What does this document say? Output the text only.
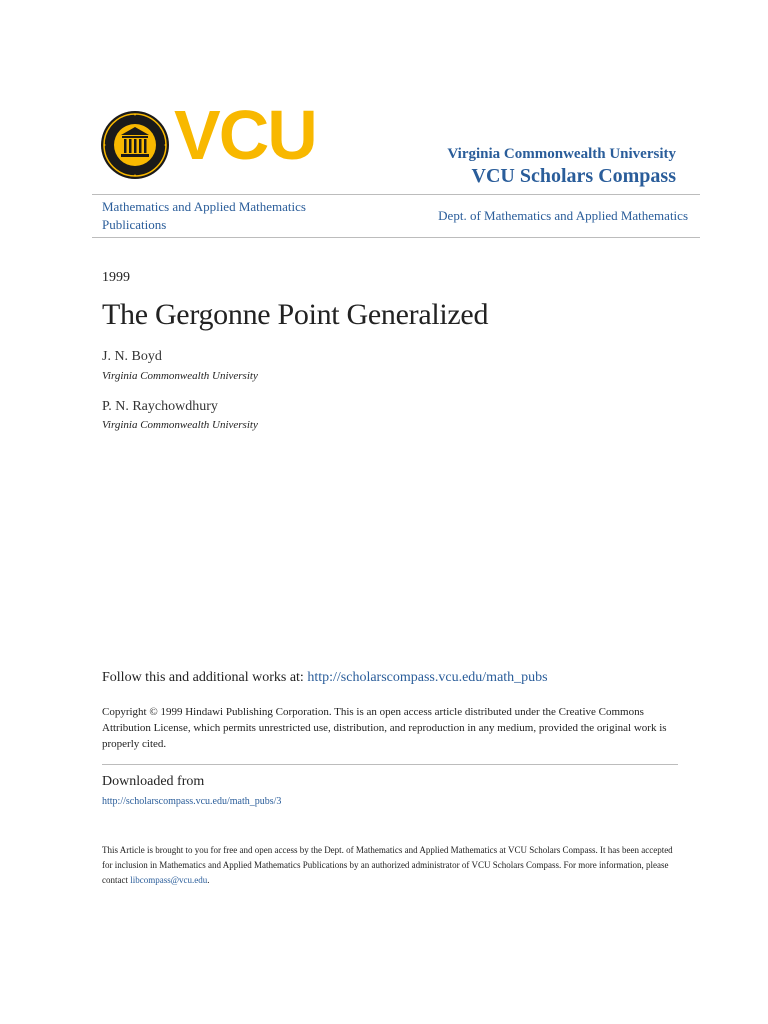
VCU	Virginia Commonwealth University
VCU Scholars Compass
Mathematics and Applied Mathematics Publications
Dept. of Mathematics and Applied Mathematics
1999
The Gergonne Point Generalized
J. N. Boyd
Virginia Commonwealth University
P. N. Raychowdhury
Virginia Commonwealth University
Follow this and additional works at: http://scholarscompass.vcu.edu/math_pubs
Copyright © 1999 Hindawi Publishing Corporation. This is an open access article distributed under the Creative Commons Attribution License, which permits unrestricted use, distribution, and reproduction in any medium, provided the original work is properly cited.
Downloaded from
http://scholarscompass.vcu.edu/math_pubs/3
This Article is brought to you for free and open access by the Dept. of Mathematics and Applied Mathematics at VCU Scholars Compass. It has been accepted for inclusion in Mathematics and Applied Mathematics Publications by an authorized administrator of VCU Scholars Compass. For more information, please contact libcompass@vcu.edu.
